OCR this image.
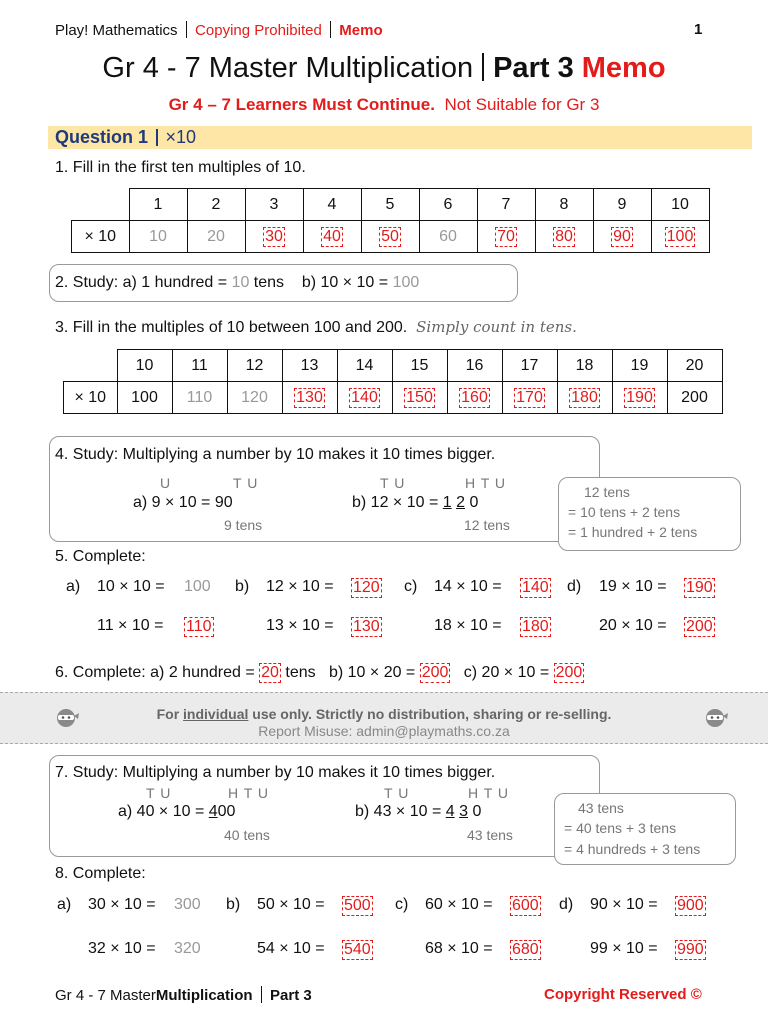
Play! Mathematics Copying Prohibited Memo	1
Gr 4 - 7 Master Multiplication Part 3 Memo
Gr 4 – 7 Learners Must Continue. Not Suitable for Gr 3
Question 1 ×10
1. Fill in the first ten multiples of 10.
	1	2	3	4	5	6	7	8	9	10
× 10	10	20	30	40	50	60	70	80	90	100
2. Study: a) 1 hundred = 10 tens b) 10 × 10 = 100
3. Fill in the multiples of 10 between 100 and 200. Simply count in tens.
	10	11	12	13	14	15	16	17	18	19	20
× 10	100	110	120	130	140	150	160	170	180	190	200
4. Study: Multiplying a number by 10 makes it 10 times bigger.
U	T U
a) 9 × 10 = 90
9 tens
T U	H T U
b) 12 × 10 = 1 2 0
12 tens
12 tens
= 10 tens + 2 tens
= 1 hundred + 2 tens
5. Complete:
a) 10 × 10 = 100 b) 12 × 10 = 120 c) 14 × 10 = 140 d) 19 × 10 = 190
11 × 10 = 110	13 × 10 = 130	18 × 10 = 180	20 × 10 = 200
6. Complete: a) 2 hundred = 20 tens b) 10 × 20 = 200 c) 20 × 10 = 200
For individual use only. Strictly no distribution, sharing or re-selling.
Report Misuse: admin@playmaths.co.za
7. Study: Multiplying a number by 10 makes it 10 times bigger.
T U	H T U
a) 40 × 10 = 400
40 tens
T U	H T U
b) 43 × 10 = 4 3 0
43 tens
43 tens
= 40 tens + 3 tens
= 4 hundreds + 3 tens
8. Complete:
a) 30 × 10 = 300 b) 50 × 10 = 500 c) 60 × 10 = 600 d) 90 × 10 = 900
32 × 10 = 320	54 × 10 = 540	68 × 10 = 680	99 × 10 = 990
Gr 4 - 7 MasterMultiplication Part 3	Copyright Reserved ©
